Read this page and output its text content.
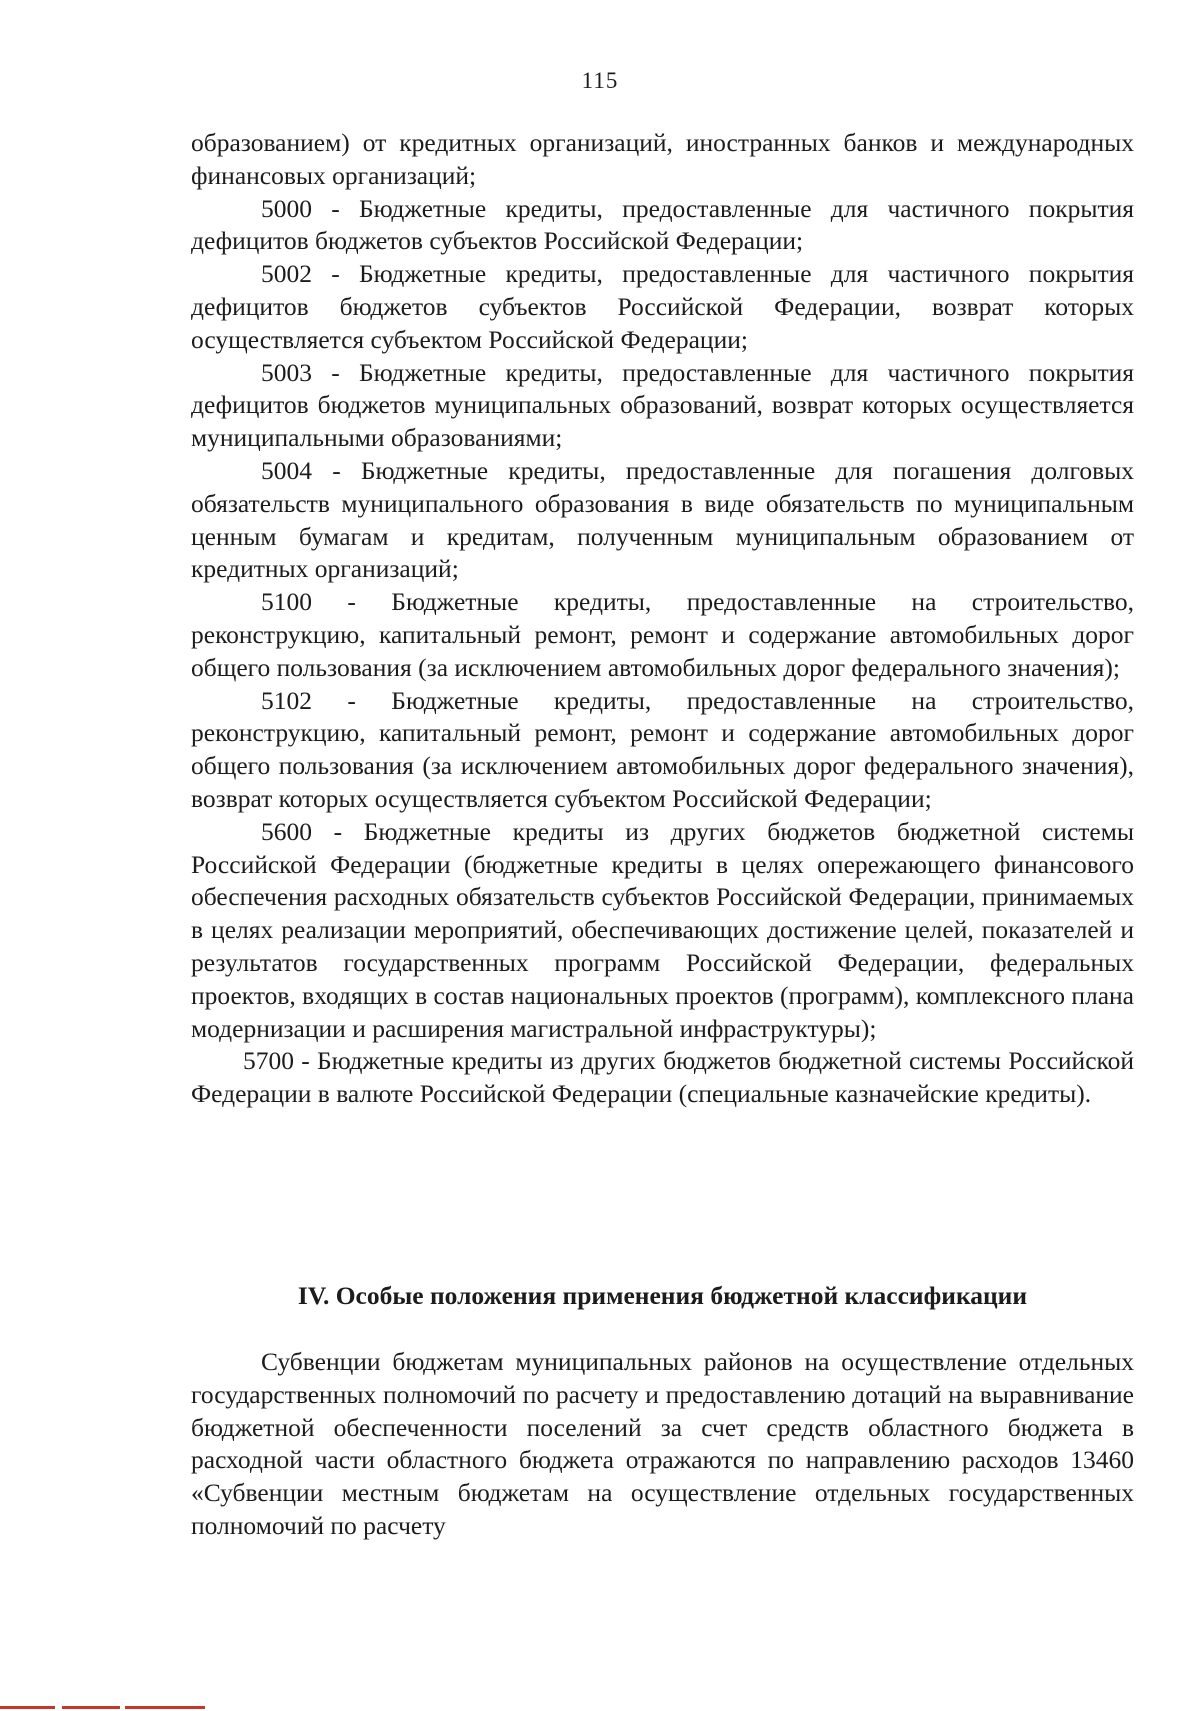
115

образованием) от кредитных организаций, иностранных банков и международных финансовых организаций;

5000 - Бюджетные кредиты, предоставленные для частичного покрытия дефицитов бюджетов субъектов Российской Федерации;

5002 - Бюджетные кредиты, предоставленные для частичного покрытия дефицитов бюджетов субъектов Российской Федерации, возврат которых осуществляется субъектом Российской Федерации;

5003 - Бюджетные кредиты, предоставленные для частичного покрытия дефицитов бюджетов муниципальных образований, возврат которых осуществляется муниципальными образованиями;

5004 - Бюджетные кредиты, предоставленные для погашения долговых обязательств муниципального образования в виде обязательств по муниципальным ценным бумагам и кредитам, полученным муниципальным образованием от кредитных организаций;

5100 - Бюджетные кредиты, предоставленные на строительство, реконструкцию, капитальный ремонт, ремонт и содержание автомобильных дорог общего пользования (за исключением автомобильных дорог федерального значения);

5102 - Бюджетные кредиты, предоставленные на строительство, реконструкцию, капитальный ремонт, ремонт и содержание автомобильных дорог общего пользования (за исключением автомобильных дорог федерального значения), возврат которых осуществляется субъектом Российской Федерации;

5600 - Бюджетные кредиты из других бюджетов бюджетной системы Российской Федерации (бюджетные кредиты в целях опережающего финансового обеспечения расходных обязательств субъектов Российской Федерации, принимаемых в целях реализации мероприятий, обеспечивающих достижение целей, показателей и результатов государственных программ Российской Федерации, федеральных проектов, входящих в состав национальных проектов (программ), комплексного плана модернизации и расширения магистральной инфраструктуры);

5700 - Бюджетные кредиты из других бюджетов бюджетной системы Российской Федерации в валюте Российской Федерации (специальные казначейские кредиты).

IV. Особые положения применения бюджетной классификации

Субвенции бюджетам муниципальных районов на осуществление отдельных государственных полномочий по расчету и предоставлению дотаций на выравнивание бюджетной обеспеченности поселений за счет средств областного бюджета в расходной части областного бюджета отражаются по направлению расходов 13460 «Субвенции местным бюджетам на осуществление отдельных государственных полномочий по расчету
